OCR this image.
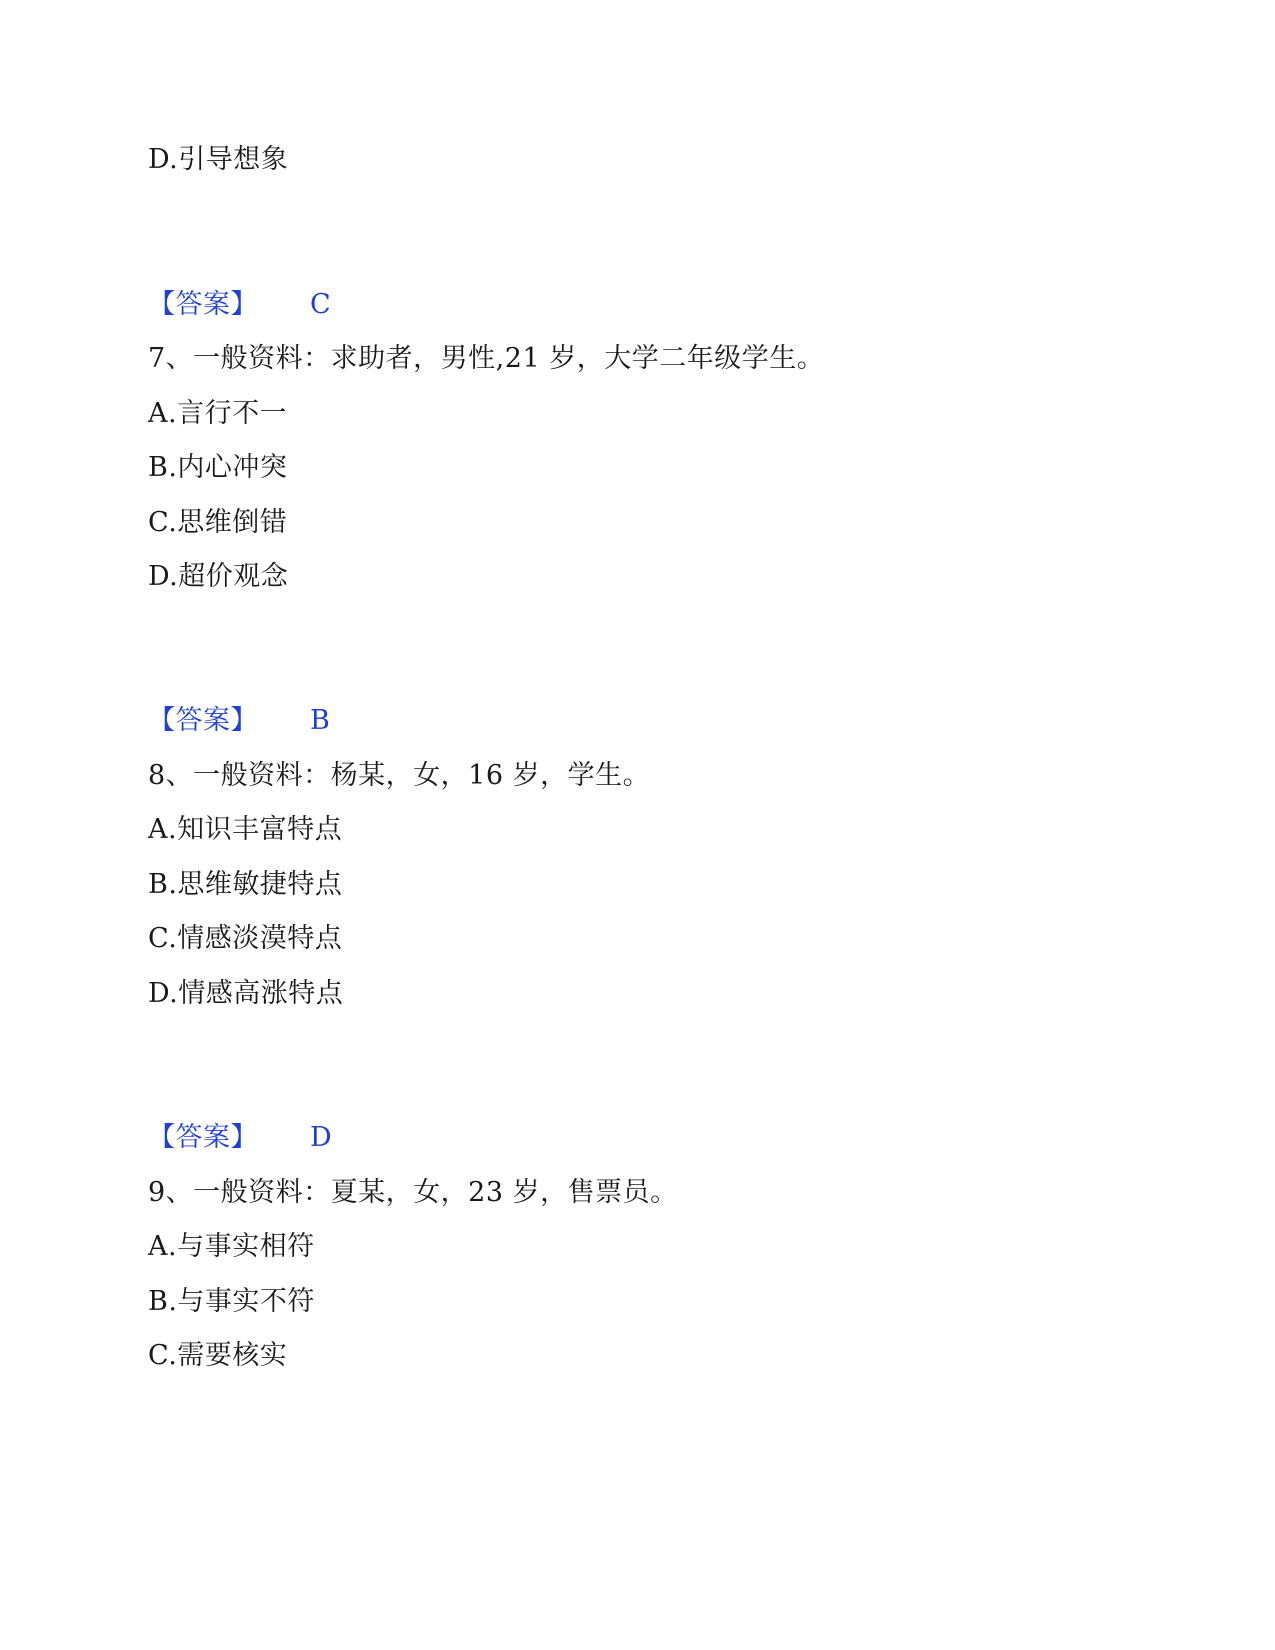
D.引导想象
【答案】 C
7、一般资料：求助者，男性,21 岁，大学二年级学生。
A.言行不一
B.内心冲突
C.思维倒错
D.超价观念
【答案】 B
8、一般资料：杨某，女，16 岁，学生。
A.知识丰富特点
B.思维敏捷特点
C.情感淡漠特点
D.情感高涨特点
【答案】 D
9、一般资料：夏某，女，23 岁，售票员。
A.与事实相符
B.与事实不符
C.需要核实
